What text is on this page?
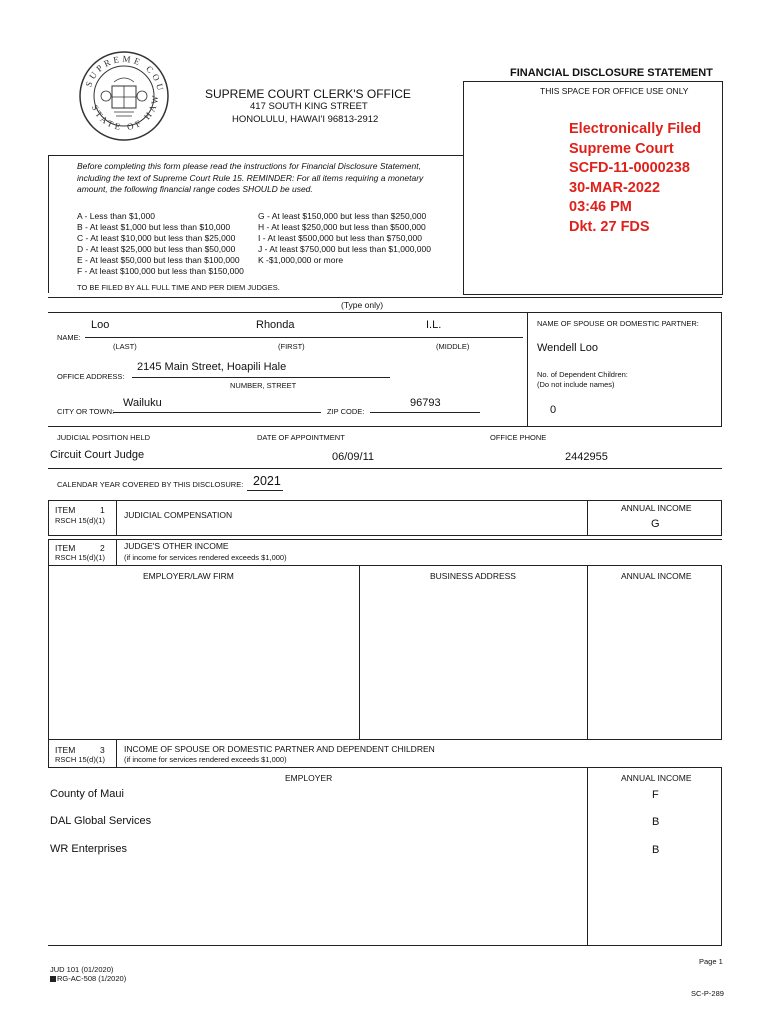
SUPREME COU
STATE OF HAW	SUPREME COURT CLERK'S OFFICE
417 SOUTH KING STREET
HONOLULU, HAWAI'I 96813-2912
FINANCIAL DISCLOSURE STATEMENT
THIS SPACE FOR OFFICE USE ONLY
Electronically Filed
Supreme Court
SCFD-11-0000238
30-MAR-2022
03:46 PM
Dkt. 27 FDS
Before completing this form please read the instructions for Financial Disclosure Statement,
including the text of Supreme Court Rule 15. REMINDER: For all items requiring a monetary
amount, the following financial range codes SHOULD be used.
A - Less than $1,000
B - At least $1,000 but less than $10,000
C - At least $10,000 but less than $25,000
D - At least $25,000 but less than $50,000
E - At least $50,000 but less than $100,000
F - At least $100,000 but less than $150,000
G - At least $150,000 but less than $250,000
H - At least $250,000 but less than $500,000
I - At least $500,000 but less than $750,000
J - At least $750,000 but less than $1,000,000
K -$1,000,000 or more
TO BE FILED BY ALL FULL TIME AND PER DIEM JUDGES.
(Type only)
NAME:
Loo	Rhonda	I.L.
(LAST)	(FIRST)	(MIDDLE)
NAME OF SPOUSE OR DOMESTIC PARTNER:
Wendell Loo
No. of Dependent Children:
(Do not include names)
0
OFFICE ADDRESS:
2145 Main Street, Hoapili Hale
NUMBER, STREET
CITY OR TOWN:
Wailuku
ZIP CODE:
96793
JUDICIAL POSITION HELD	DATE OF APPOINTMENT	OFFICE PHONE
Circuit Court Judge	06/09/11	2442955
CALENDAR YEAR COVERED BY THIS DISCLOSURE: 2021
ITEM	1
RSCH 15(d)(1)
JUDICIAL COMPENSATION
ANNUAL INCOME
G
ITEM	2
RSCH 15(d)(1)
JUDGE'S OTHER INCOME
(if income for services rendered exceeds $1,000)
EMPLOYER/LAW FIRM	BUSINESS ADDRESS	ANNUAL INCOME
ITEM	3
RSCH 15(d)(1)
INCOME OF SPOUSE OR DOMESTIC PARTNER AND DEPENDENT CHILDREN
(if income for services rendered exceeds $1,000)
EMPLOYER	ANNUAL INCOME
County of Maui	F
DAL Global Services	B
WR Enterprises	B
Page 1
JUD 101 (01/2020)
RG-AC-508 (1/2020)
SC-P-289
